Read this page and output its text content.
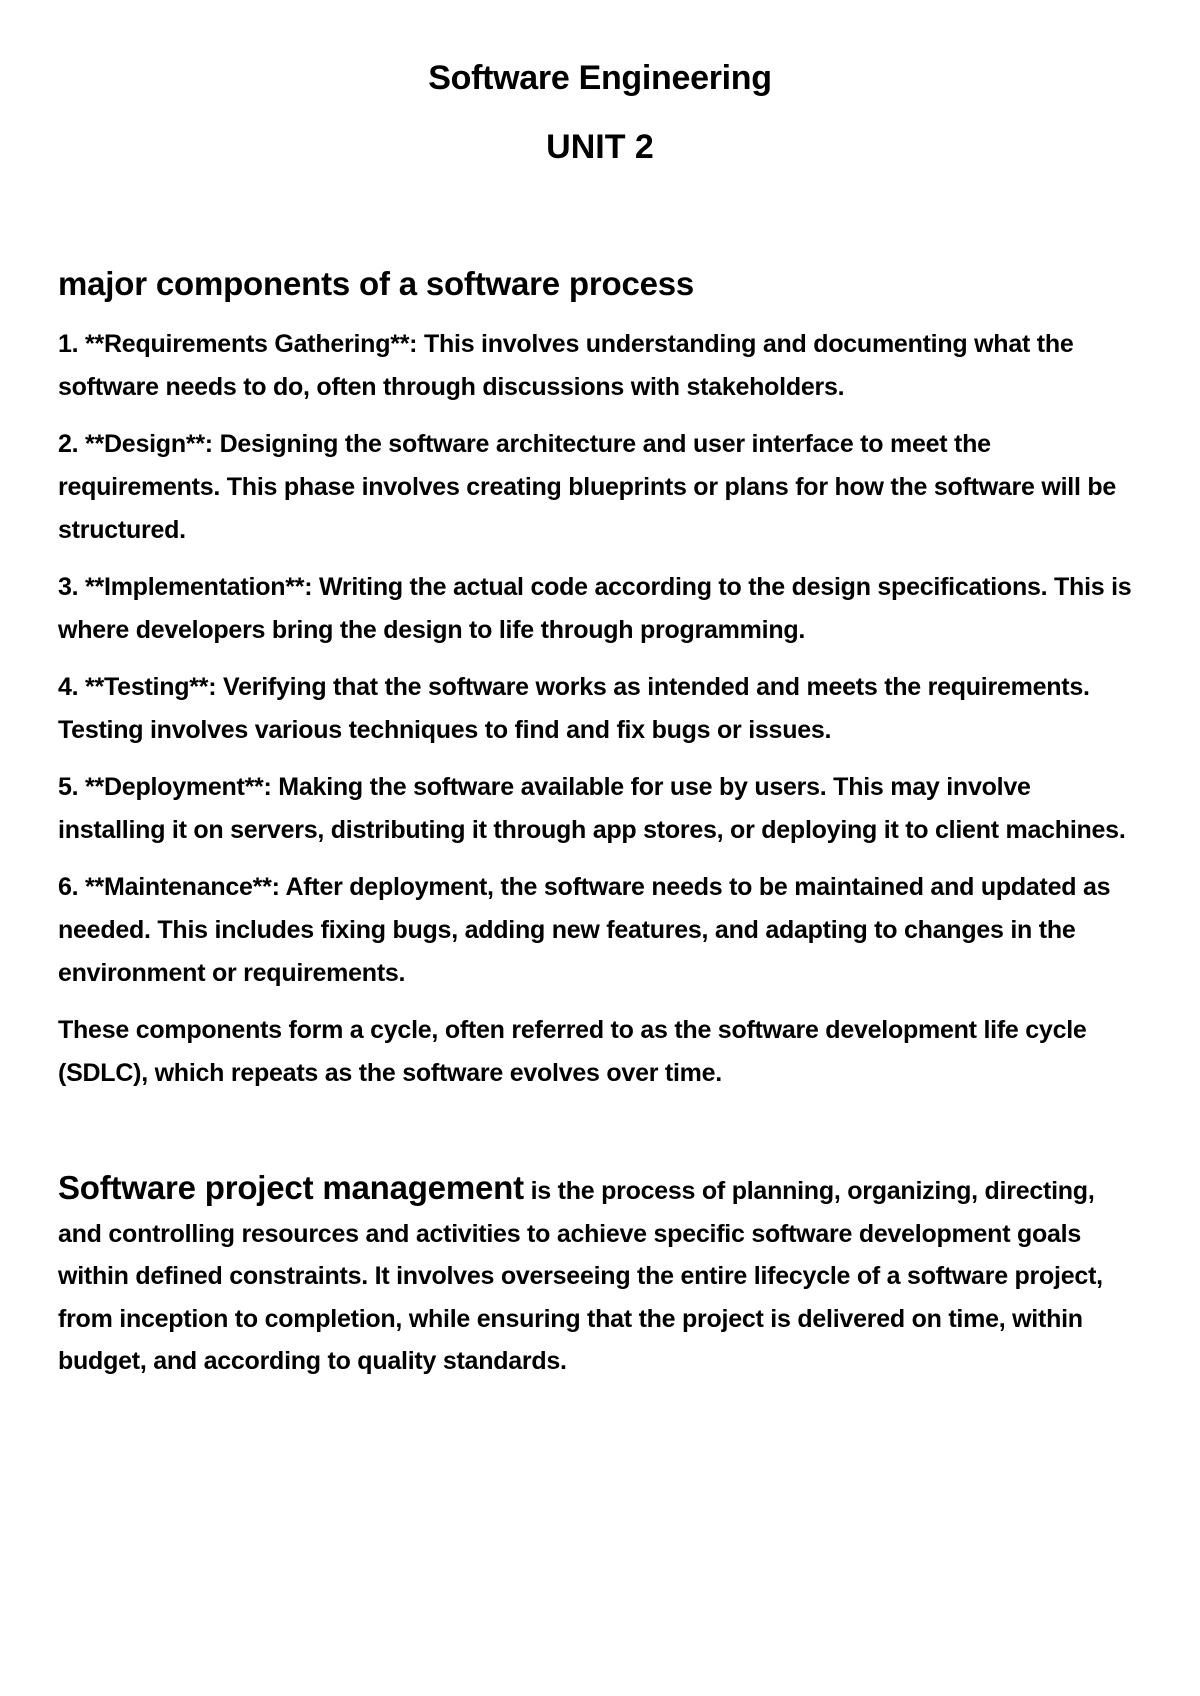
Software Engineering
UNIT 2
major components of a software process

1. **Requirements Gathering**: This involves understanding and documenting what the software needs to do, often through discussions with stakeholders.

2. **Design**: Designing the software architecture and user interface to meet the requirements. This phase involves creating blueprints or plans for how the software will be structured.

3. **Implementation**: Writing the actual code according to the design specifications. This is where developers bring the design to life through programming.

4. **Testing**: Verifying that the software works as intended and meets the requirements. Testing involves various techniques to find and fix bugs or issues.

5. **Deployment**: Making the software available for use by users. This may involve installing it on servers, distributing it through app stores, or deploying it to client machines.

6. **Maintenance**: After deployment, the software needs to be maintained and updated as needed. This includes fixing bugs, adding new features, and adapting to changes in the environment or requirements.

These components form a cycle, often referred to as the software development life cycle (SDLC), which repeats as the software evolves over time.

Software project management is the process of planning, organizing, directing, and controlling resources and activities to achieve specific software development goals within defined constraints. It involves overseeing the entire lifecycle of a software project, from inception to completion, while ensuring that the project is delivered on time, within budget, and according to quality standards.
